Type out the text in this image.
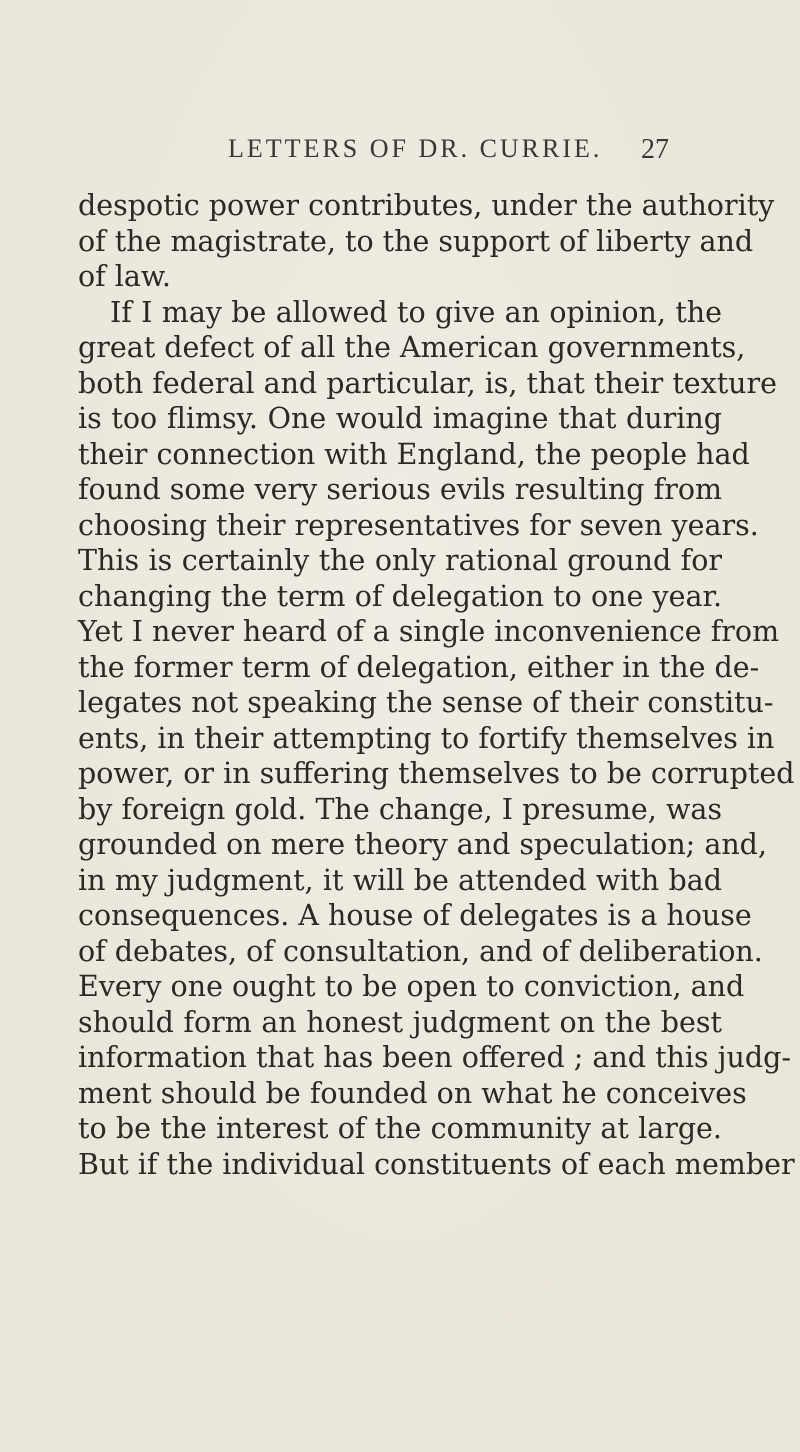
LETTERS OF DR. CURRIE. 27
despotic power contributes, under the authority
of the magistrate, to the support of liberty and
of law.
If I may be allowed to give an opinion, the
great defect of all the American governments,
both federal and particular, is, that their texture
is too flimsy. One would imagine that during
their connection with England, the people had
found some very serious evils resulting from
choosing their representatives for seven years.
This is certainly the only rational ground for
changing the term of delegation to one year.
Yet I never heard of a single inconvenience from
the former term of delegation, either in the de-
legates not speaking the sense of their constitu-
ents, in their attempting to fortify themselves in
power, or in suffering themselves to be corrupted
by foreign gold. The change, I presume, was
grounded on mere theory and speculation; and,
in my judgment, it will be attended with bad
consequences. A house of delegates is a house
of debates, of consultation, and of deliberation.
Every one ought to be open to conviction, and
should form an honest judgment on the best
information that has been offered ; and this judg-
ment should be founded on what he conceives
to be the interest of the community at large.
But if the individual constituents of each member
